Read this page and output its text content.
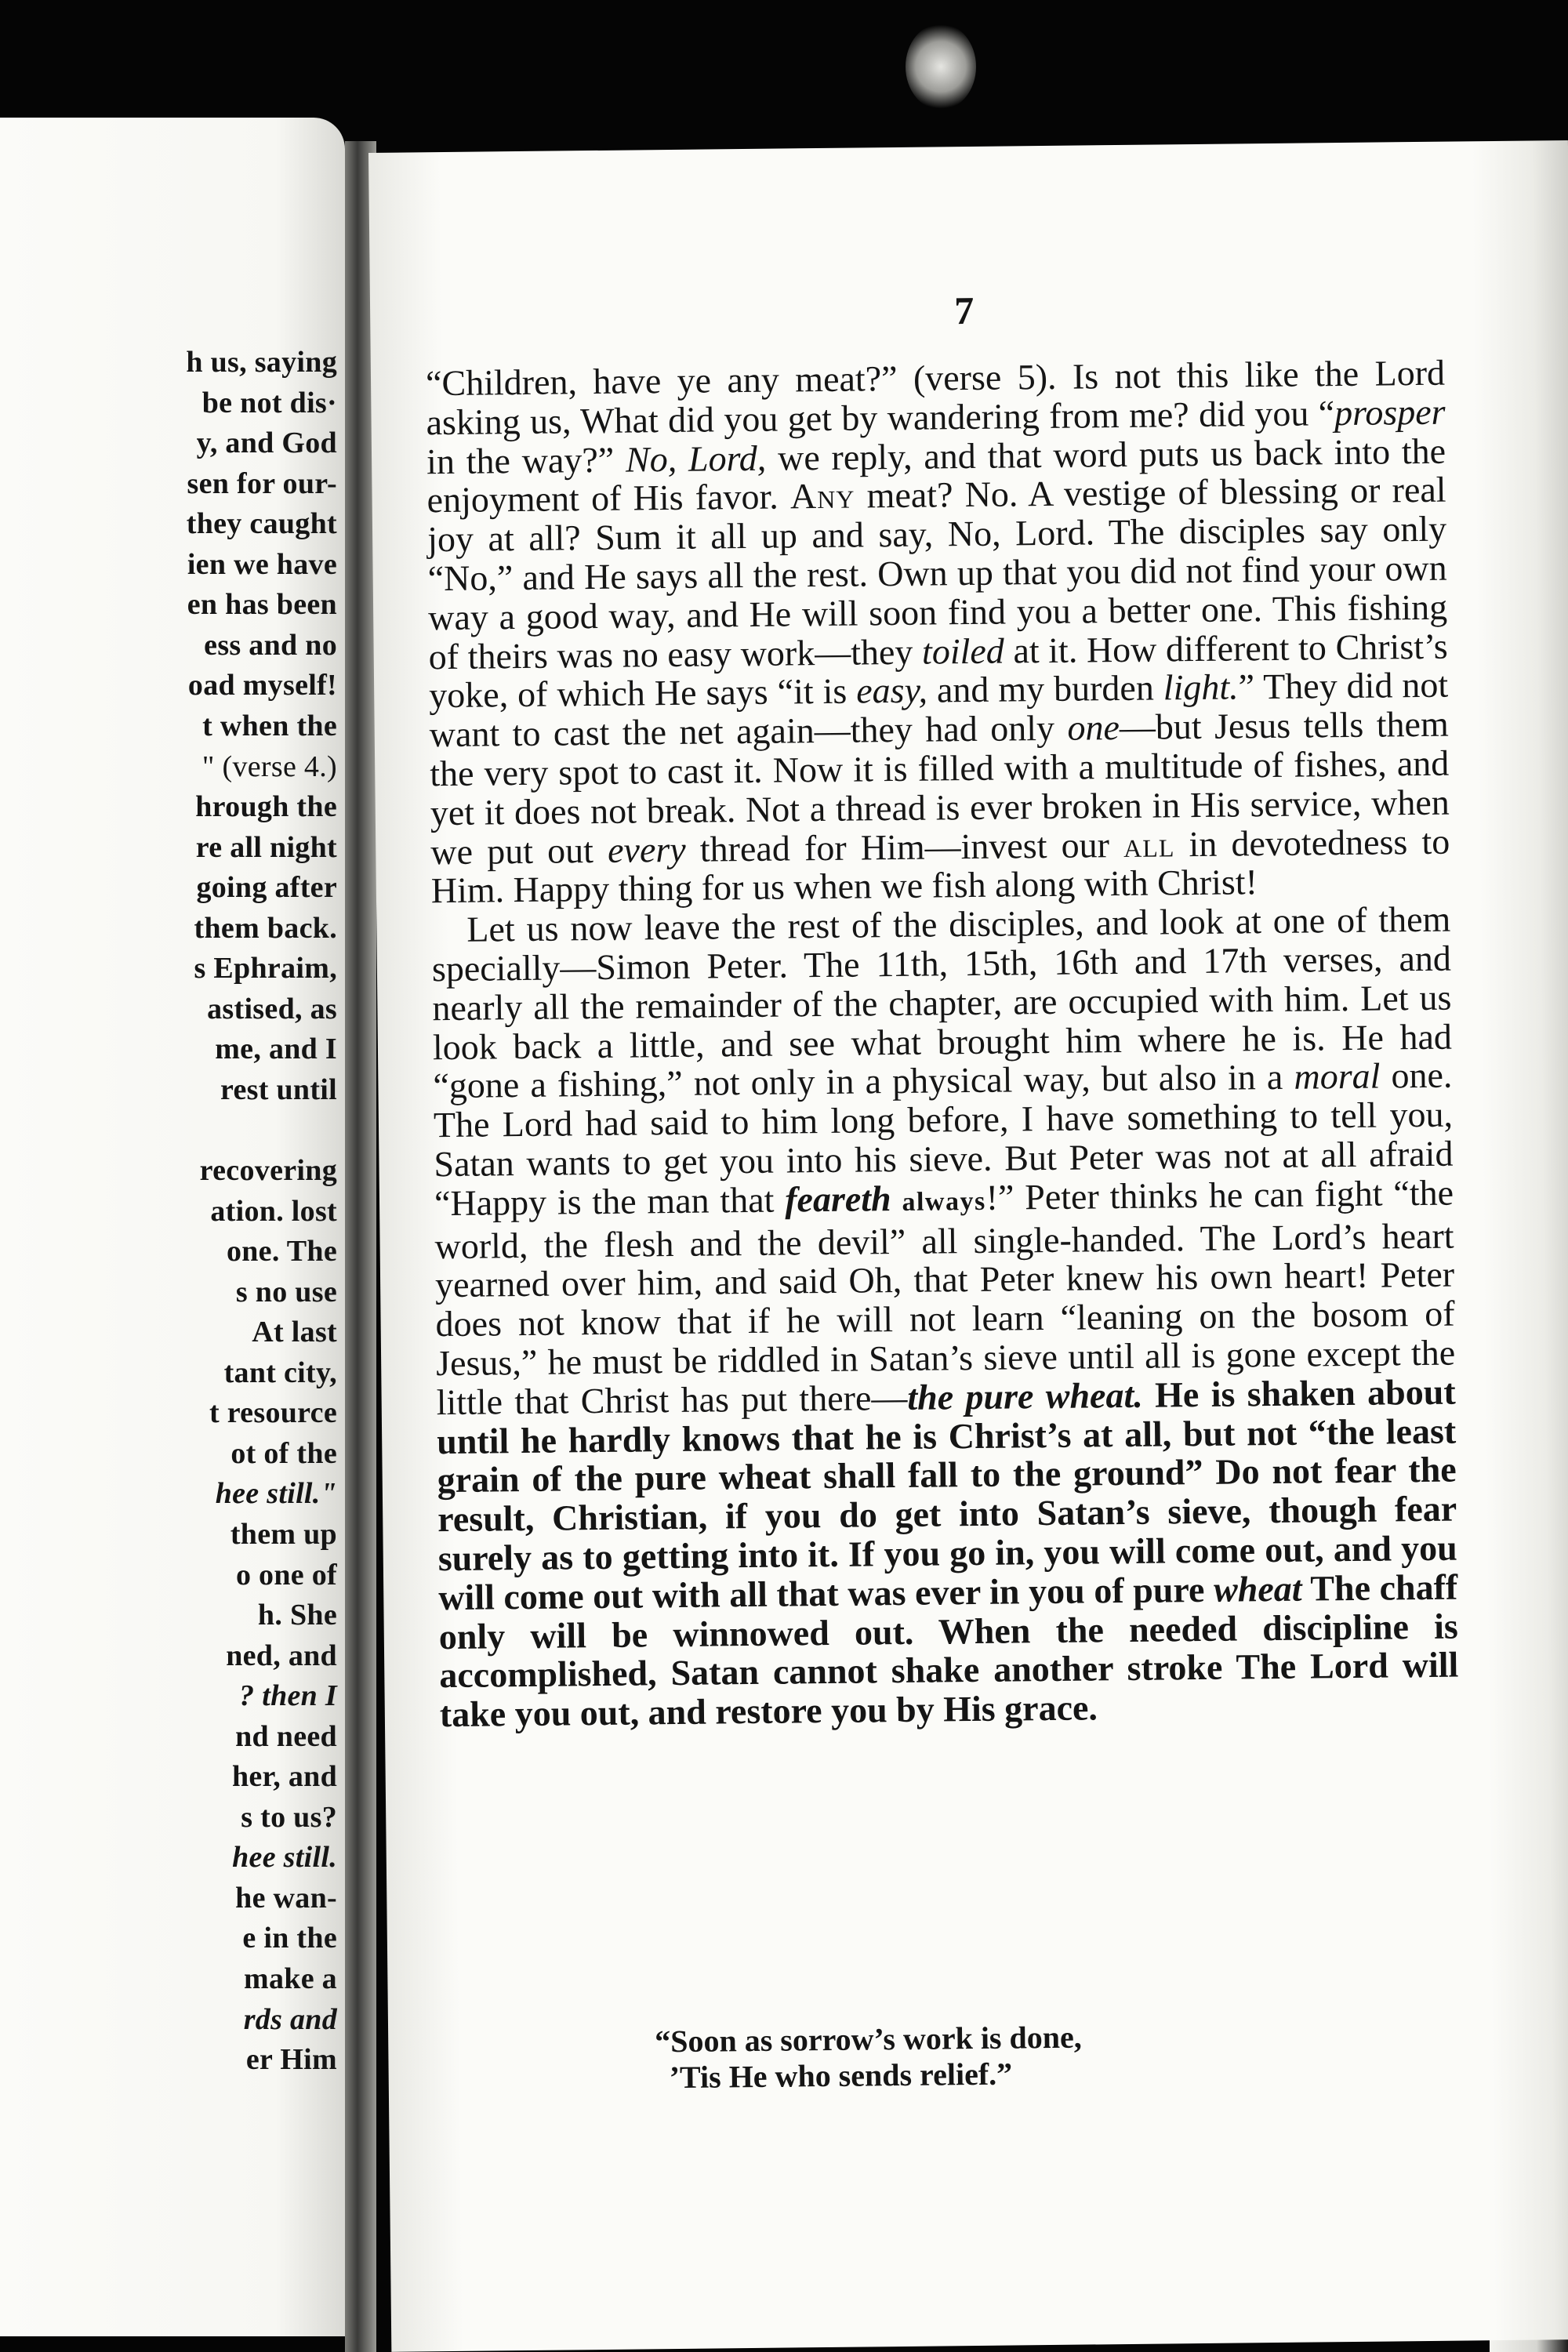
h us, saying
be not dis·
y, and God
sen for our-
they caught
ien we have
en has been
ess and no
oad myself!
t when the
" (verse 4.)
hrough the
re all night
going after
them back.
s Ephraim,
astised, as
me, and I
rest until
recovering
ation. lost
one. The
s no use
At last
tant city,
t resource
ot of the
hee still."
them up
o one of
h. She
ned, and
? then I
nd need
her, and
s to us?
hee still.
he wan-
e in the
make a
rds and
er Him
7

“Children, have ye any meat?” (verse 5). Is not this like the Lord asking us, What did you get by wandering from me? did you “prosper in the way?” No, Lord, we reply, and that word puts us back into the enjoyment of His favor. Any meat? No. A vestige of blessing or real joy at all? Sum it all up and say, No, Lord. The disciples say only “No,” and He says all the rest. Own up that you did not find your own way a good way, and He will soon find you a better one. This fishing of theirs was no easy work—they toiled at it. How different to Christ’s yoke, of which He says “it is easy, and my burden light.” They did not want to cast the net again—they had only one—but Jesus tells them the very spot to cast it. Now it is filled with a multitude of fishes, and yet it does not break. Not a thread is ever broken in His service, when we put out every thread for Him—invest our all in devotedness to Him. Happy thing for us when we fish along with Christ!

Let us now leave the rest of the disciples, and look at one of them specially—Simon Peter. The 11th, 15th, 16th and 17th verses, and nearly all the remainder of the chapter, are occupied with him. Let us look back a little, and see what brought him where he is. He had “gone a fishing,” not only in a physical way, but also in a moral one. The Lord had said to him long before, I have something to tell you, Satan wants to get you into his sieve. But Peter was not at all afraid “Happy is the man that feareth always!” Peter thinks he can fight “the world, the flesh and the devil” all single-handed. The Lord’s heart yearned over him, and said Oh, that Peter knew his own heart! Peter does not know that if he will not learn “leaning on the bosom of Jesus,” he must be riddled in Satan’s sieve until all is gone except the little that Christ has put there—the pure wheat. He is shaken about until he hardly knows that he is Christ’s at all, but not “the least grain of the pure wheat shall fall to the ground” Do not fear the result, Christian, if you do get into Satan’s sieve, though fear surely as to getting into it. If you go in, you will come out, and you will come out with all that was ever in you of pure wheat The chaff only will be winnowed out. When the needed discipline is accomplished, Satan cannot shake another stroke The Lord will take you out, and restore you by His grace.

“Soon as sorrow’s work is done,
’Tis He who sends relief.”
